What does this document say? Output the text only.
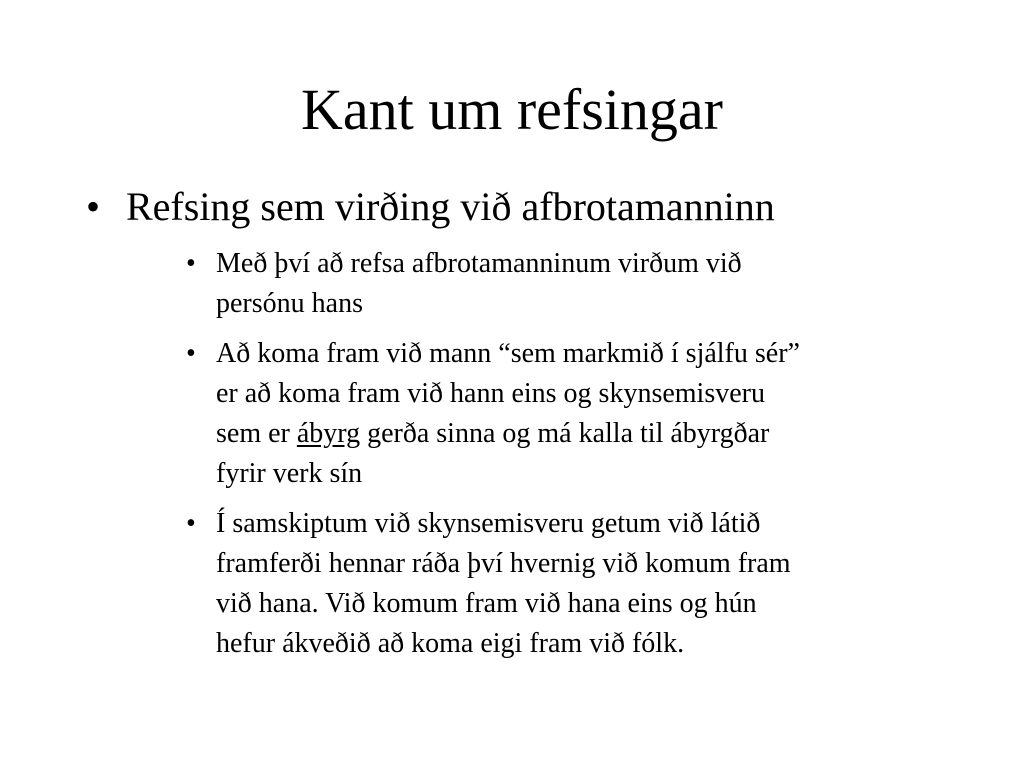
Kant um refsingar
• Refsing sem virðing við afbrotamanninn
• Með því að refsa afbrotamanninum virðum við
persónu hans
• Að koma fram við mann “sem markmið í sjálfu sér”
er að koma fram við hann eins og skynsemisveru
sem er ábyrg gerða sinna og má kalla til ábyrgðar
fyrir verk sín
• Í samskiptum við skynsemisveru getum við látið
framferði hennar ráða því hvernig við komum fram
við hana. Við komum fram við hana eins og hún
hefur ákveðið að koma eigi fram við fólk.
